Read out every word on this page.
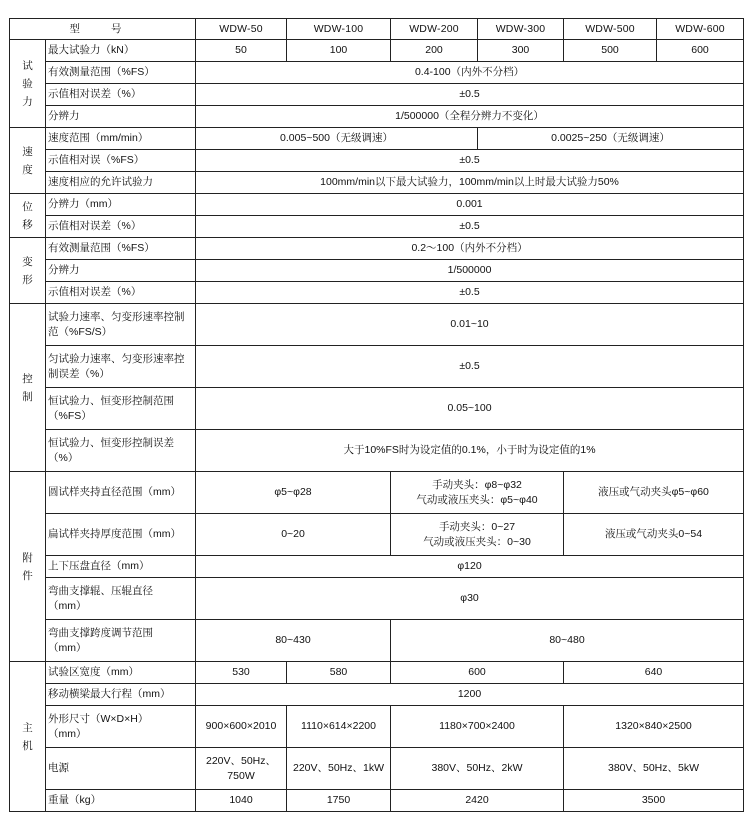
型 号		WDW-50	WDW-100	WDW-200	WDW-300	WDW-500	WDW-600

试
验
力	最大试验力（kN）	50	100	200	300	500	600
	有效测量范围（%FS）	0.4-100（内外不分档）					
	示值相对误差（%）	±0.5					
	分辨力	1/500000（全程分辨力不变化）					

速
度	速度范围（mm/min）	0.005~500（无级调速）			0.0025~250（无级调速）		
	示值相对误（%FS）	±0.5					
	速度相应的允许试验力	100mm/min以下最大试验力，100mm/min以上时最大试验力50%					

位
移	分辨力（mm）	0.001					
	示值相对误差（%）	±0.5					

变
形	有效测量范围（%FS）	0.2～100（内外不分档）					
	分辨力	1/500000					
	示值相对误差（%）	±0.5					

控
制	试验力速率、匀变形速率控制
范（%FS/S）	0.01~10					

	匀试验力速率、匀变形速率控
制误差（%）	±0.5					

	恒试验力、恒变形控制范围
（%FS）	0.05~100					

	恒试验力、恒变形控制误差
（%）	大于10%FS时为设定值的0.1%，小于时为设定值的1%					

附
件	圆试样夹持直径范围（mm）	φ5~φ28		手动夹头：φ8~φ32
气动或液压夹头：φ5~φ40		液压或气动夹头φ5~φ60	
	扁试样夹持厚度范围（mm）	0~20		手动夹头：0~27
气动或液压夹头：0~30		液压或气动夹头0~54	
	上下压盘直径（mm）	φ120					

	弯曲支撑辊、压辊直径
（mm）	φ30					

	弯曲支撑跨度调节范围
（mm）	80~430		80~480			

主
机	试验区宽度（mm）	530	580	600		640	
	移动横梁最大行程（mm）	1200					

	外形尺寸（W×D×H）
（mm）	900×600×2010	1110×614×2200	1180×700×2400		1320×840×2500	
	电源	220V、50Hz、
750W	220V、50Hz、1kW	380V、50Hz、2kW		380V、50Hz、5kW	
	重量（kg）	1040	1750	2420		3500	
